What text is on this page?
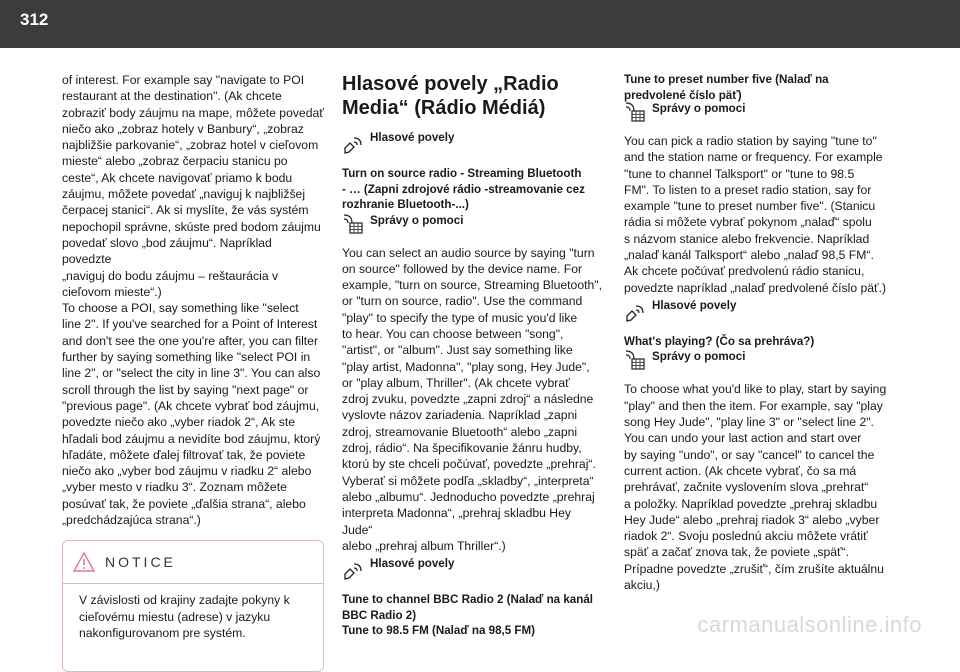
312

of interest. For example say "navigate to POI
restaurant at the destination". (Ak chcete
zobraziť body záujmu na mape, môžete povedať
niečo ako „zobraz hotely v Banbury“, „zobraz
najbližšie parkovanie“, „zobraz hotel v cieľovom
mieste“ alebo „zobraz čerpaciu stanicu po
ceste“, Ak chcete navigovať priamo k bodu
záujmu, môžete povedať „naviguj k najbližšej
čerpacej stanici“. Ak si myslíte, že vás systém
nepochopil správne, skúste pred bodom záujmu
povedať slovo „bod záujmu“. Napríklad povedzte
„naviguj do bodu záujmu – reštaurácia v
cieľovom mieste“.)
To choose a POI, say something like "select
line 2". If you've searched for a Point of Interest
and don't see the one you're after, you can filter
further by saying something like "select POI in
line 2", or "select the city in line 3". You can also
scroll through the list by saying "next page" or
"previous page". (Ak chcete vybrať bod záujmu,
povedzte niečo ako „vyber riadok 2“, Ak ste
hľadali bod záujmu a nevidíte bod záujmu, ktorý
hľadáte, môžete ďalej filtrovať tak, že poviete
niečo ako „vyber bod záujmu v riadku 2“ alebo
„vyber mesto v riadku 3“. Zoznam môžete
posúvať tak, že poviete „ďalšia strana“, alebo
„predchádzajúca strana“.)

NOTICE
V závislosti od krajiny zadajte pokyny k
cieľovému miestu (adrese) v jazyku
nakonfigurovanom pre systém.
Hlasové povely „Radio
Media“ (Rádio Médiá)
Hlasové povely

Turn on source radio - Streaming Bluetooth
- … (Zapni zdrojové rádio -streamovanie cez
rozhranie Bluetooth-...)

Správy o pomoci

You can select an audio source by saying "turn
on source" followed by the device name. For
example, "turn on source, Streaming Bluetooth",
or "turn on source, radio". Use the command
"play" to specify the type of music you'd like
to hear. You can choose between "song",
"artist", or "album". Just say something like
"play artist, Madonna", "play song, Hey Jude",
or "play album, Thriller". (Ak chcete vybrať
zdroj zvuku, povedzte „zapni zdroj“ a následne
vyslovte názov zariadenia. Napríklad „zapni
zdroj, streamovanie Bluetooth“ alebo „zapni
zdroj, rádio“. Na špecifikovanie žánru hudby,
ktorú by ste chceli počúvať, povedzte „prehraj“.
Vyberať si môžete podľa „skladby“, „interpreta“
alebo „albumu“. Jednoducho povedzte „prehraj
interpreta Madonna“, „prehraj skladbu Hey Jude“
alebo „prehraj album Thriller“.)

Hlasové povely

Tune to channel BBC Radio 2 (Nalaď na kanál
BBC Radio 2)
Tune to 98.5 FM (Nalaď na 98,5 FM)

Tune to preset number five (Nalaď na
predvolené číslo päť)

Správy o pomoci

You can pick a radio station by saying "tune to"
and the station name or frequency. For example
"tune to channel Talksport" or "tune to 98.5
FM". To listen to a preset radio station, say for
example "tune to preset number five". (Stanicu
rádia si môžete vybrať pokynom „nalaď“ spolu
s názvom stanice alebo frekvencie. Napríklad
„nalaď kanál Talksport“ alebo „nalaď 98,5 FM“.
Ak chcete počúvať predvolenú rádio stanicu,
povedzte napríklad „nalaď predvolené číslo päť.)

Hlasové povely

What's playing? (Čo sa prehráva?)

Správy o pomoci

To choose what you'd like to play, start by saying
"play" and then the item. For example, say "play
song Hey Jude", "play line 3" or "select line 2".
You can undo your last action and start over
by saying "undo", or say "cancel" to cancel the
current action. (Ak chcete vybrať, čo sa má
prehrávať, začnite vyslovením slova „prehrat“
a položky. Napríklad povedzte „prehraj skladbu
Hey Jude“ alebo „prehraj riadok 3“ alebo „vyber
riadok 2“. Svoju poslednú akciu môžete vrátiť
späť a začať znova tak, že poviete „späť“.
Prípadne povedzte „zrušiť“, čím zrušíte aktuálnu
akciu,)

carmanualsonline.info
